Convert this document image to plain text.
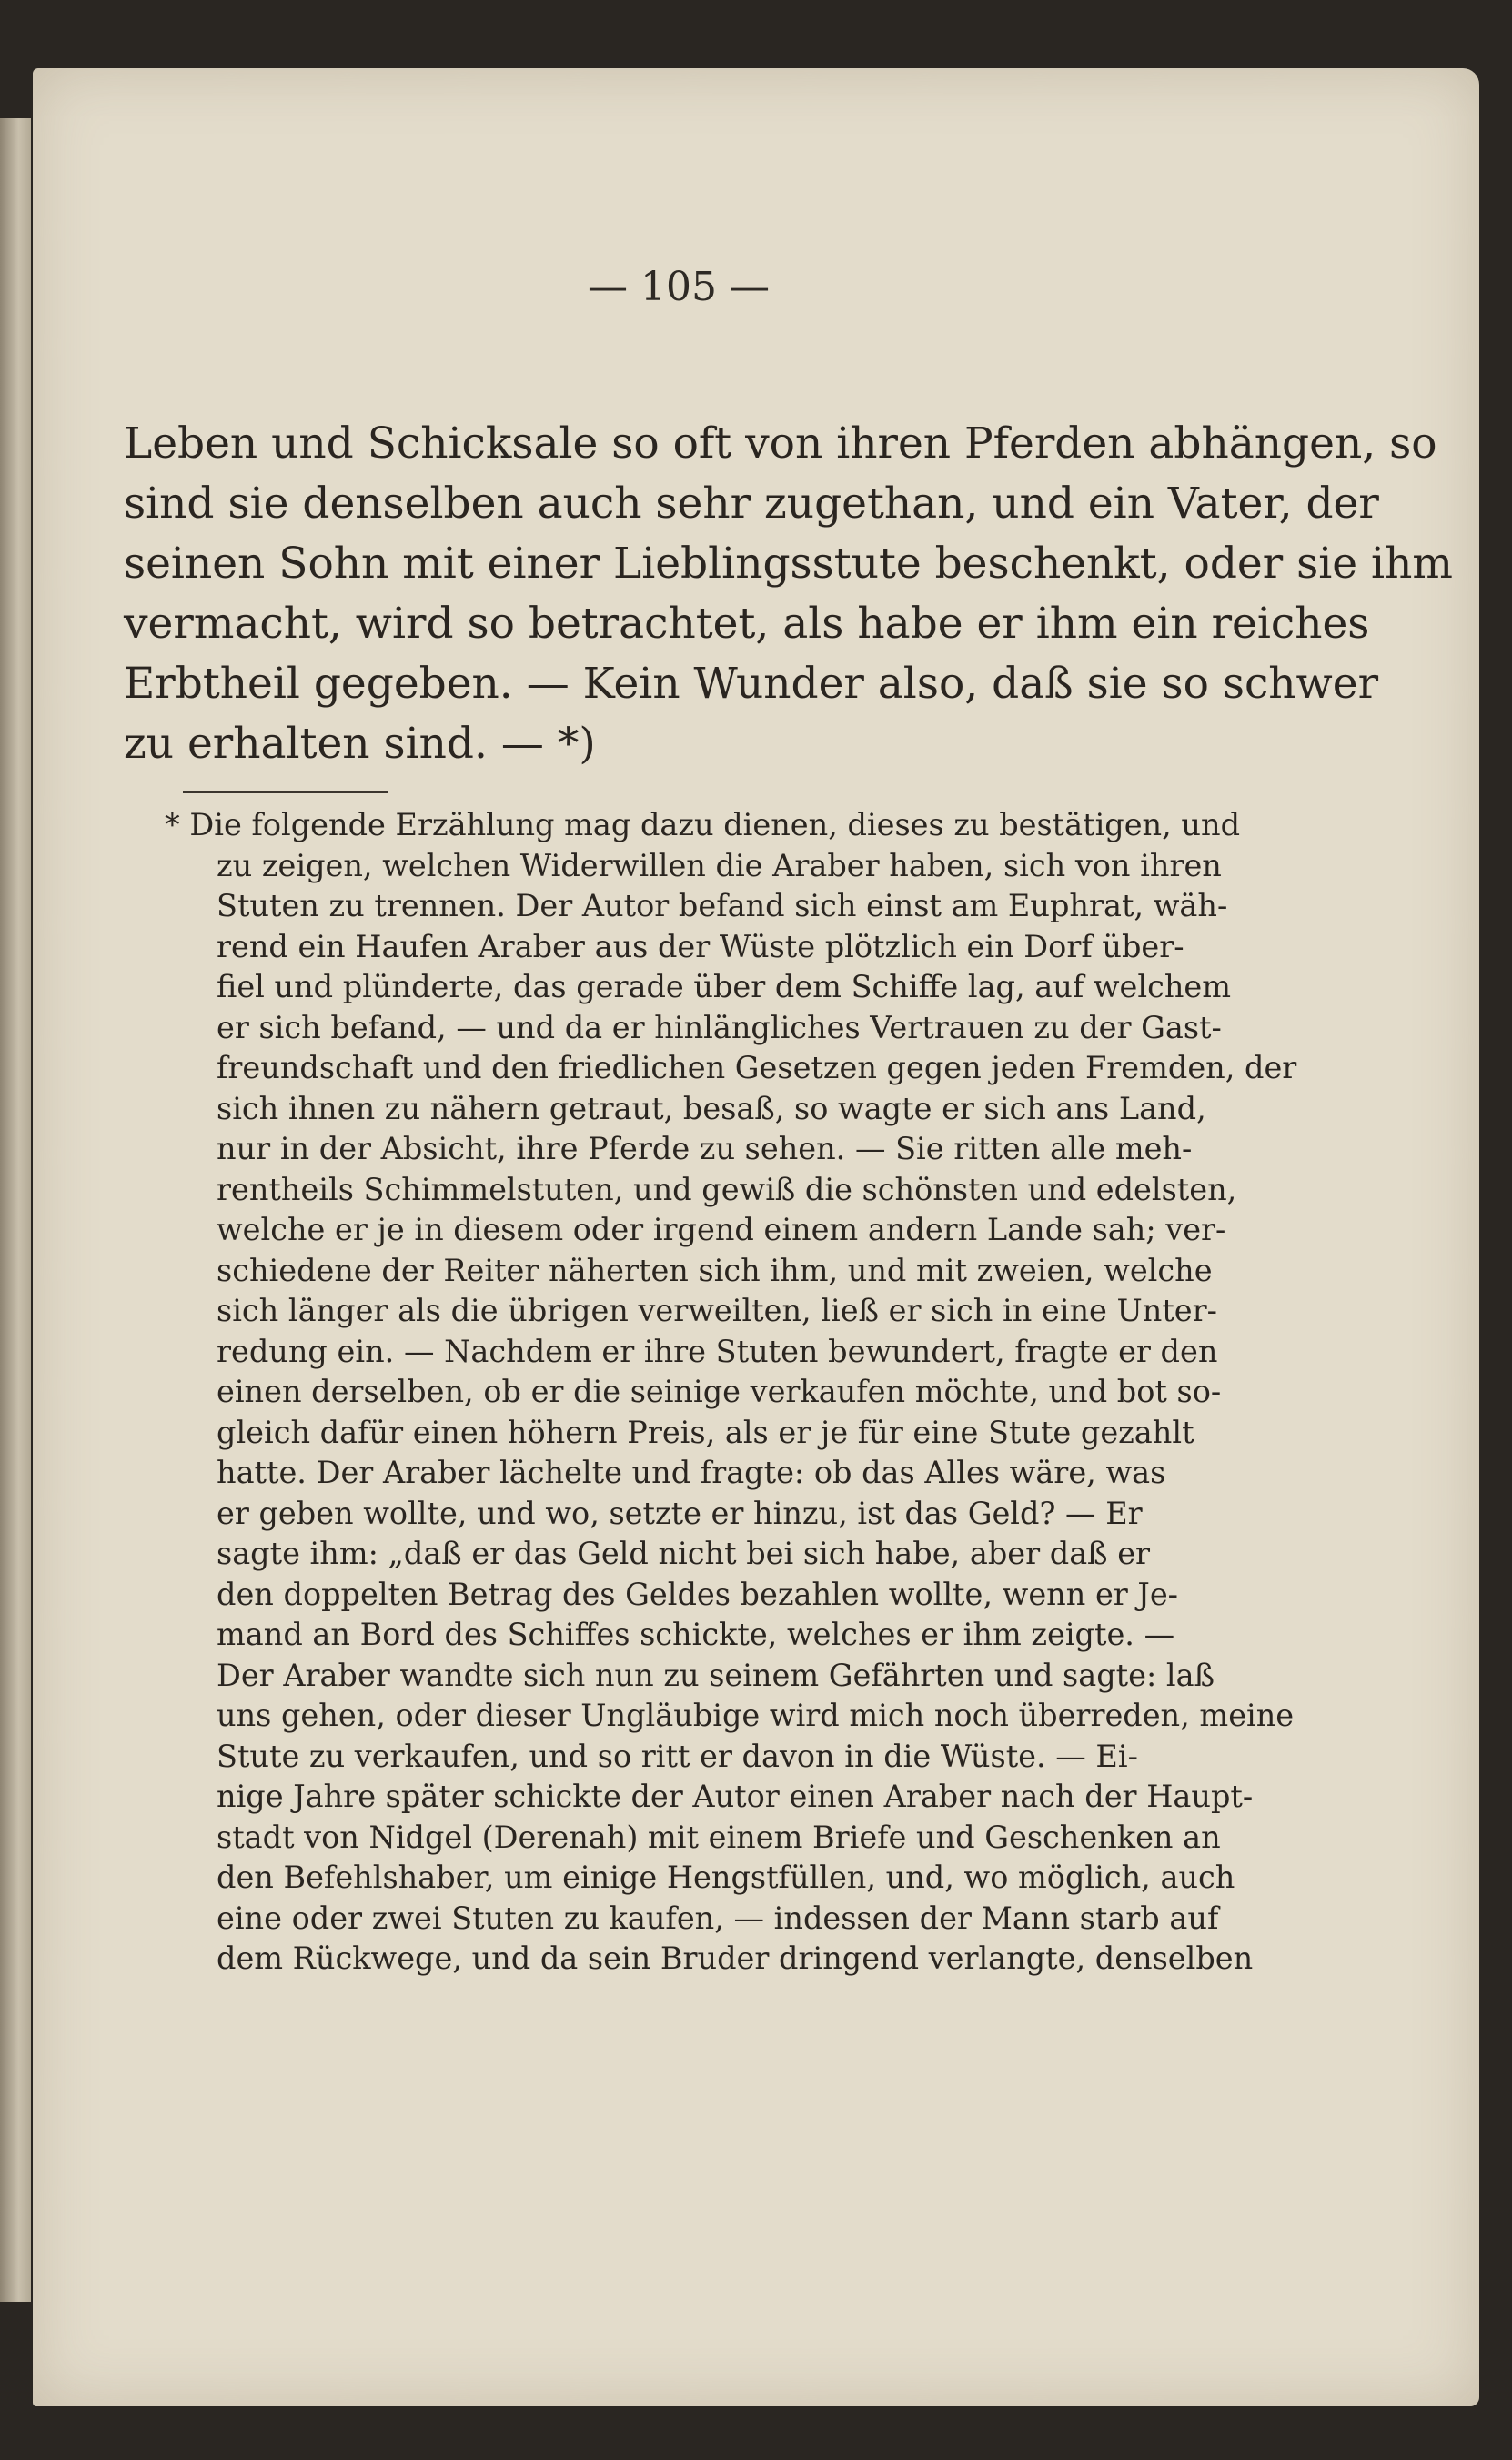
— 105 —
Leben und Schicksale so oft von ihren Pferden abhängen, so
sind sie denselben auch sehr zugethan, und ein Vater, der
seinen Sohn mit einer Lieblingsstute beschenkt, oder sie ihm
vermacht, wird so betrachtet, als habe er ihm ein reiches
Erbtheil gegeben. — Kein Wunder also, daß sie so schwer
zu erhalten sind. — *)
* Die folgende Erzählung mag dazu dienen, dieses zu bestätigen, und
zu zeigen, welchen Widerwillen die Araber haben, sich von ihren
Stuten zu trennen. Der Autor befand sich einst am Euphrat, wäh-
rend ein Haufen Araber aus der Wüste plötzlich ein Dorf über-
fiel und plünderte, das gerade über dem Schiffe lag, auf welchem
er sich befand, — und da er hinlängliches Vertrauen zu der Gast-
freundschaft und den friedlichen Gesetzen gegen jeden Fremden, der
sich ihnen zu nähern getraut, besaß, so wagte er sich ans Land,
nur in der Absicht, ihre Pferde zu sehen. — Sie ritten alle meh-
rentheils Schimmelstuten, und gewiß die schönsten und edelsten,
welche er je in diesem oder irgend einem andern Lande sah; ver-
schiedene der Reiter näherten sich ihm, und mit zweien, welche
sich länger als die übrigen verweilten, ließ er sich in eine Unter-
redung ein. — Nachdem er ihre Stuten bewundert, fragte er den
einen derselben, ob er die seinige verkaufen möchte, und bot so-
gleich dafür einen höhern Preis, als er je für eine Stute gezahlt
hatte. Der Araber lächelte und fragte: ob das Alles wäre, was
er geben wollte, und wo, setzte er hinzu, ist das Geld? — Er
sagte ihm: „daß er das Geld nicht bei sich habe, aber daß er
den doppelten Betrag des Geldes bezahlen wollte, wenn er Je-
mand an Bord des Schiffes schickte, welches er ihm zeigte. —
Der Araber wandte sich nun zu seinem Gefährten und sagte: laß
uns gehen, oder dieser Ungläubige wird mich noch überreden, meine
Stute zu verkaufen, und so ritt er davon in die Wüste. — Ei-
nige Jahre später schickte der Autor einen Araber nach der Haupt-
stadt von Nidgel (Derenah) mit einem Briefe und Geschenken an
den Befehlshaber, um einige Hengstfüllen, und, wo möglich, auch
eine oder zwei Stuten zu kaufen, — indessen der Mann starb auf
dem Rückwege, und da sein Bruder dringend verlangte, denselben
